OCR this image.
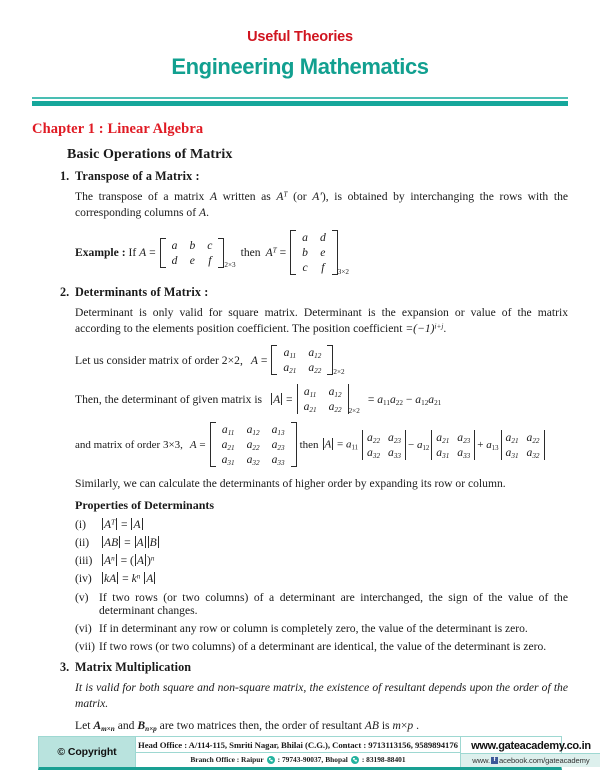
Useful Theories
Engineering Mathematics
Chapter 1 : Linear Algebra
Basic Operations of Matrix
1. Transpose of a Matrix :
The transpose of a matrix A written as $A^T$ (or A'), is obtained by interchanging the rows with the corresponding columns of A.
Example : If A =
a	b	c
d	e	f 2×3
then $A^T$ =
a	d
b	e
c	f 3×2
2. Determinants of Matrix :
Determinant is only valid for square matrix. Determinant is the expansion or value of the matrix according to the elements position coefficient. The position coefficient $=(-1)^{i+j}$.
Let us consider matrix of order 2×2, A =
$a_{11}$	$a_{12}$
$a_{21}$	$a_{22}$ 2×2
Then, the determinant of given matrix is A =
$a_{11}$	$a_{12}$
$a_{21}$	$a_{22}$ 2×2
= $a_{11}a_{22} - a_{12}a_{21}$
and matrix of order 3×3, A =
$a_{11}$	$a_{12}$	$a_{13}$
$a_{21}$	$a_{22}$	$a_{23}$
$a_{31}$	$a_{32}$	$a_{33}$
then $A = a_{11}$
$a_{22}$	$a_{23}$
$a_{32}$	$a_{33}$
− $a_{12}$
$a_{21}$	$a_{23}$
$a_{31}$	$a_{33}$
+ $a_{13}$
$a_{21}$	$a_{22}$
$a_{31}$	$a_{32}$
Similarly, we can calculate the determinants of higher order by expanding its row or column.
Properties of Determinants
(i)	$A^T = A$
(ii)	AB = A B
(iii)	$A^n$ = ( A )$^n$
(iv)	kA = $k^n$ A
(v) If two rows (or two columns) of a determinant are interchanged, the sign of the value of the determinant changes.
(vi) If in determinant any row or column is completely zero, the value of the determinant is zero.
(vii) If two rows (or two columns) of a determinant are identical, the value of the determinant is zero.
3. Matrix Multiplication
It is valid for both square and non-square matrix, the existence of resultant depends upon the order of the matrix.
Let $A_{m\times n}$ and $B_{n\times p}$ are two matrices then, the order of resultant AB is m×p .
© Copyright
Head Office : A/114-115, Smriti Nagar, Bhilai (C.G.), Contact : 9713113156, 9589894176
Branch Office : Raipur : 79743-90037, Bhopal : 83198-88401
www.gateacademy.co.in
www. f acebook.com/gateacademy
